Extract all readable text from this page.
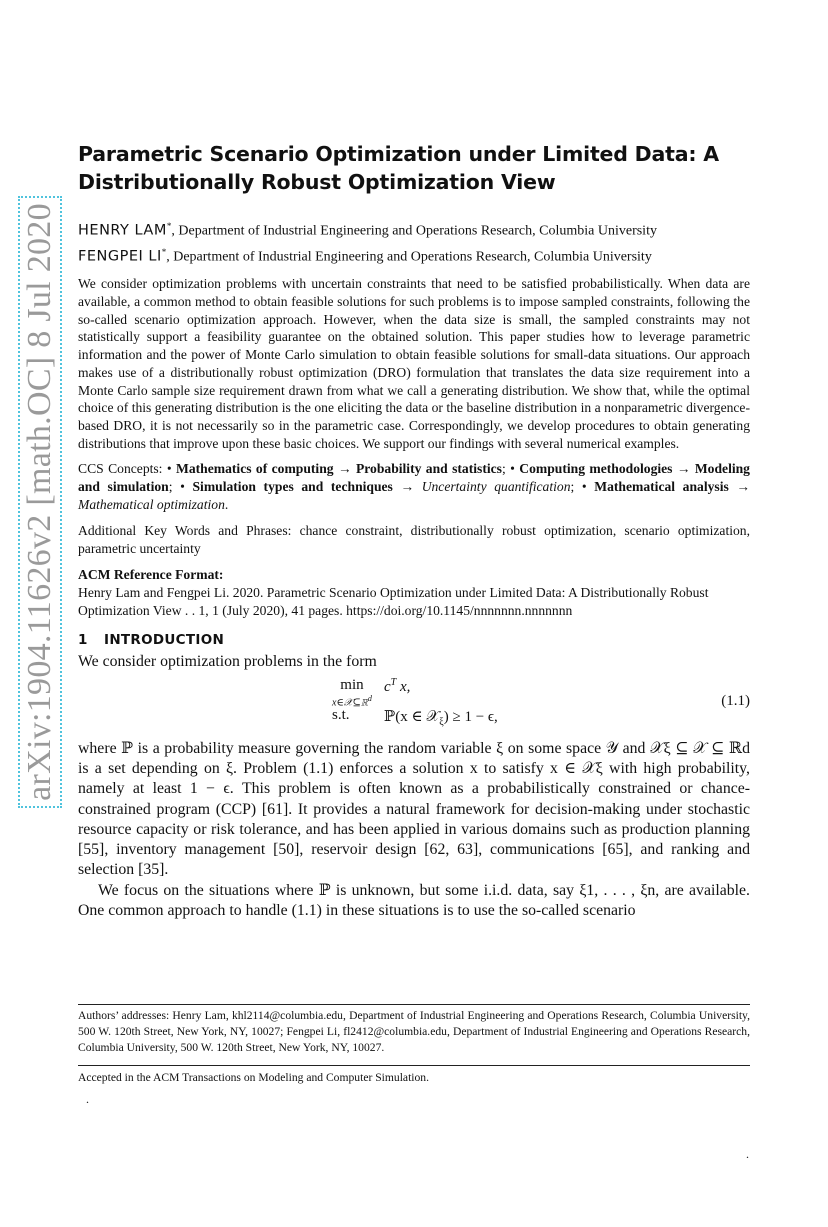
arXiv:1904.11626v2 [math.OC] 8 Jul 2020
Parametric Scenario Optimization under Limited Data: A Distributionally Robust Optimization View
HENRY LAM*, Department of Industrial Engineering and Operations Research, Columbia University
FENGPEI LI*, Department of Industrial Engineering and Operations Research, Columbia University

We consider optimization problems with uncertain constraints that need to be satisfied probabilistically. When data are available, a common method to obtain feasible solutions for such problems is to impose sampled constraints, following the so-called scenario optimization approach. However, when the data size is small, the sampled constraints may not statistically support a feasibility guarantee on the obtained solution. This paper studies how to leverage parametric information and the power of Monte Carlo simulation to obtain feasible solutions for small-data situations. Our approach makes use of a distributionally robust optimization (DRO) formulation that translates the data size requirement into a Monte Carlo sample size requirement drawn from what we call a generating distribution. We show that, while the optimal choice of this generating distribution is the one eliciting the data or the baseline distribution in a nonparametric divergence-based DRO, it is not necessarily so in the parametric case. Correspondingly, we develop procedures to obtain generating distributions that improve upon these basic choices. We support our findings with several numerical examples.

CCS Concepts: • Mathematics of computing → Probability and statistics; • Computing methodologies → Modeling and simulation; • Simulation types and techniques → Uncertainty quantification; • Mathematical analysis → Mathematical optimization.

Additional Key Words and Phrases: chance constraint, distributionally robust optimization, scenario optimization, parametric uncertainty

ACM Reference Format:
Henry Lam and Fengpei Li. 2020. Parametric Scenario Optimization under Limited Data: A Distributionally Robust Optimization View . . 1, 1 (July 2020), 41 pages. https://doi.org/10.1145/nnnnnnn.nnnnnnn
1 INTRODUCTION
We consider optimization problems in the form
min
x∈𝒳⊆ℝ$^d$
$c^T$ x,
s.t. ℙ(x ∈ 𝒳$_\xi$) ≥ 1 − ϵ,
(1.1)

where ℙ is a probability measure governing the random variable ξ on some space 𝒴 and 𝒳ξ ⊆ 𝒳 ⊆ ℝd is a set depending on ξ. Problem (1.1) enforces a solution x to satisfy x ∈ 𝒳ξ with high probability, namely at least 1 − ϵ. This problem is often known as a probabilistically constrained or chance-constrained program (CCP) [61]. It provides a natural framework for decision-making under stochastic resource capacity or risk tolerance, and has been applied in various domains such as production planning [55], inventory management [50], reservoir design [62, 63], communications [65], and ranking and selection [35].

We focus on the situations where ℙ is unknown, but some i.i.d. data, say ξ1, . . . , ξn, are available. One common approach to handle (1.1) in these situations is to use the so-called scenario

Authors’ addresses: Henry Lam, khl2114@columbia.edu, Department of Industrial Engineering and Operations Research, Columbia University, 500 W. 120th Street, New York, NY, 10027; Fengpei Li, fl2412@columbia.edu, Department of Industrial Engineering and Operations Research, Columbia University, 500 W. 120th Street, New York, NY, 10027.
Accepted in the ACM Transactions on Modeling and Computer Simulation.
.
.
